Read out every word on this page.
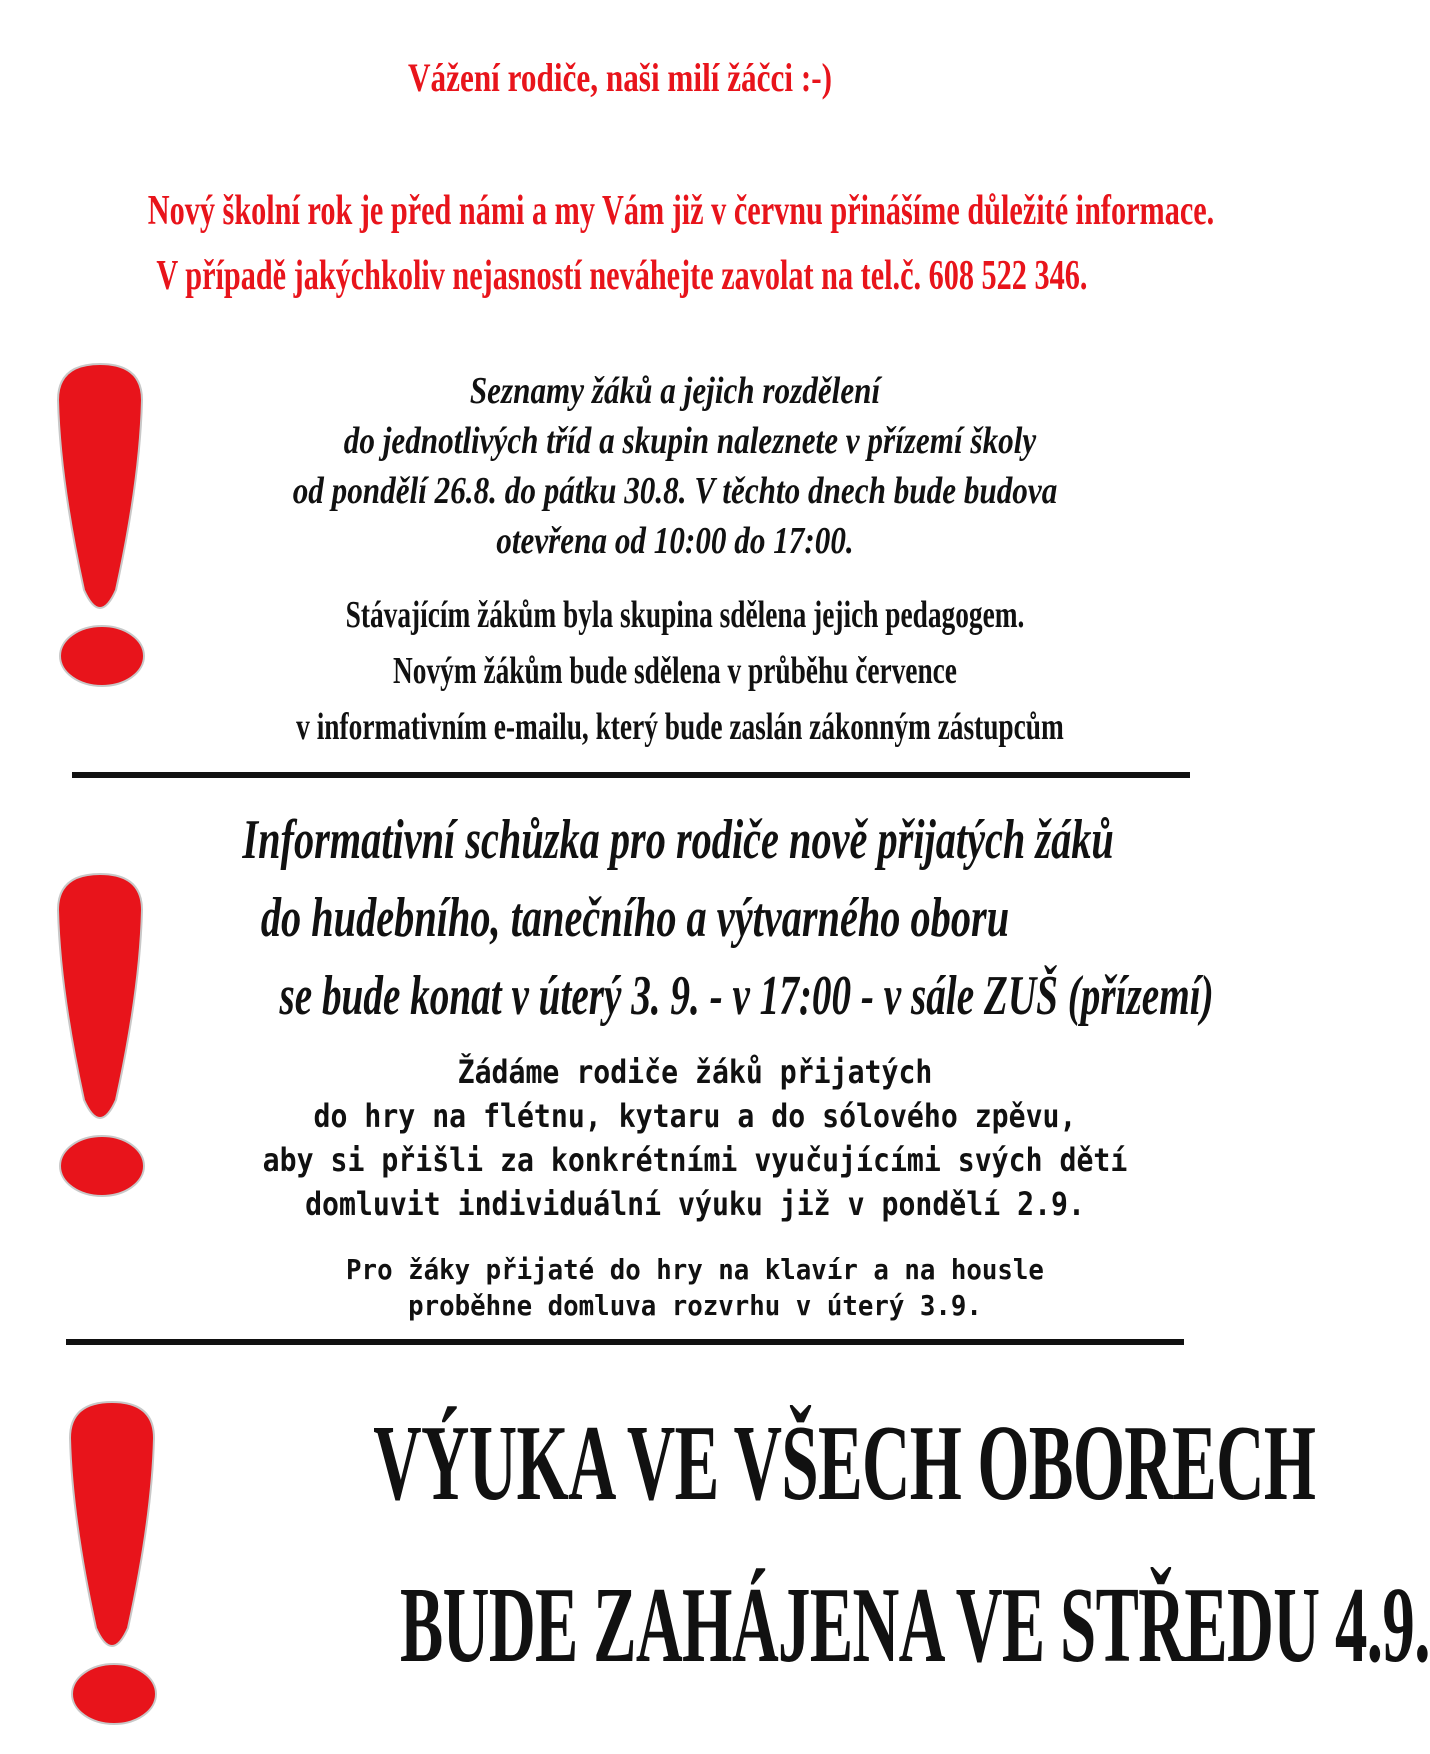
Vážení rodiče, naši milí žáčci :-)
Nový školní rok je před námi a my Vám již v červnu přinášíme důležité informace.
V případě jakýchkoliv nejasností neváhejte zavolat na tel.č. 608 522 346.
Seznamy žáků a jejich rozdělení
do jednotlivých tříd a skupin naleznete v přízemí školy
od pondělí 26.8. do pátku 30.8. V těchto dnech bude budova
otevřena od 10:00 do 17:00.
Stávajícím žákům byla skupina sdělena jejich pedagogem.
Novým žákům bude sdělena v průběhu července
v informativním e-mailu, který bude zaslán zákonným zástupcům
Informativní schůzka pro rodiče nově přijatých žáků
do hudebního, tanečního a výtvarného oboru
se bude konat v úterý 3. 9. - v 17:00 - v sále ZUŠ (přízemí)
Žádáme rodiče žáků přijatých
do hry na flétnu, kytaru a do sólového zpěvu,
aby si přišli za konkrétními vyučujícími svých dětí
domluvit individuální výuku již v pondělí 2.9.
Pro žáky přijaté do hry na klavír a na housle
proběhne domluva rozvrhu v úterý 3.9.
VÝUKA VE VŠECH OBORECH
BUDE ZAHÁJENA VE STŘEDU 4.9.
